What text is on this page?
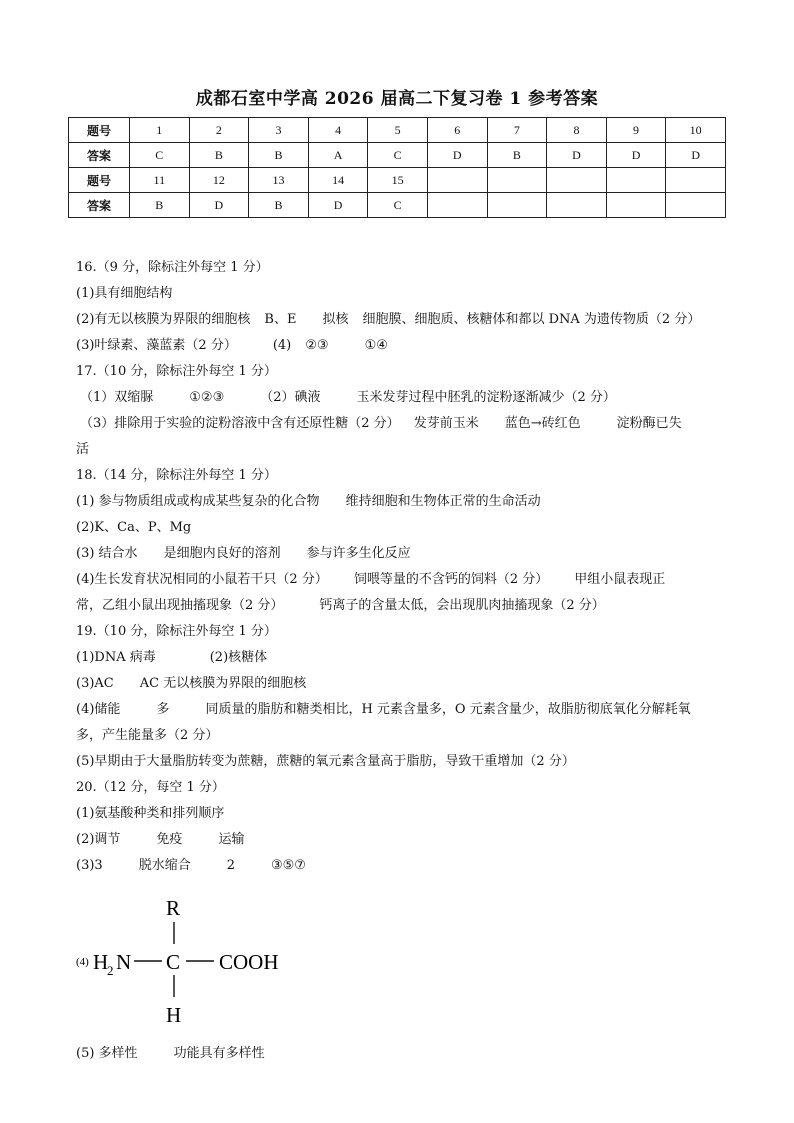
成都石室中学高 2026 届高二下复习卷 1 参考答案
题号	1	2	3	4	5	6	7	8	9	10
答案	C	B	B	A	C	D	B	D	D	D
题号	11	12	13	14	15					
答案	B	D	B	D	C					
16.（9 分，除标注外每空 1 分）
(1)具有细胞结构
(2)有无以核膜为界限的细胞核 B、E 拟核 细胞膜、细胞质、核糖体和都以 DNA 为遗传物质（2 分）
(3)叶绿素、藻蓝素（2 分）	(4) ②③	①④
17.（10 分，除标注外每空 1 分）
（1）双缩脲	①②③	（2）碘液	玉米发芽过程中胚乳的淀粉逐渐减少（2 分）
（3）排除用于实验的淀粉溶液中含有还原性糖（2 分） 发芽前玉米 蓝色→砖红色	淀粉酶已失
活
18.（14 分，除标注外每空 1 分）
(1) 参与物质组成或构成某些复杂的化合物 维持细胞和生物体正常的生命活动
(2)K、Ca、P、Mg
(3) 结合水 是细胞内良好的溶剂 参与许多生化反应
(4)生长发育状况相同的小鼠若干只（2 分） 饲喂等量的不含钙的饲料（2 分） 甲组小鼠表现正
常，乙组小鼠出现抽搐现象（2 分）	钙离子的含量太低，会出现肌肉抽搐现象（2 分）
19.（10 分，除标注外每空 1 分）
(1)DNA 病毒	(2)核糖体
(3)AC AC 无以核膜为界限的细胞核
(4)储能	多	同质量的脂肪和糖类相比，H 元素含量多，O 元素含量少，故脂肪彻底氧化分解耗氧
多，产生能量多（2 分）
(5)早期由于大量脂肪转变为蔗糖，蔗糖的氧元素含量高于脂肪，导致干重增加（2 分）
20.（12 分，每空 1 分）
(1)氨基酸种类和排列顺序
(2)调节	免疫	运输
(3)3	脱水缩合	2	③⑤⑦
(4)
R
H
2 N C COOH
H
(5) 多样性	功能具有多样性
